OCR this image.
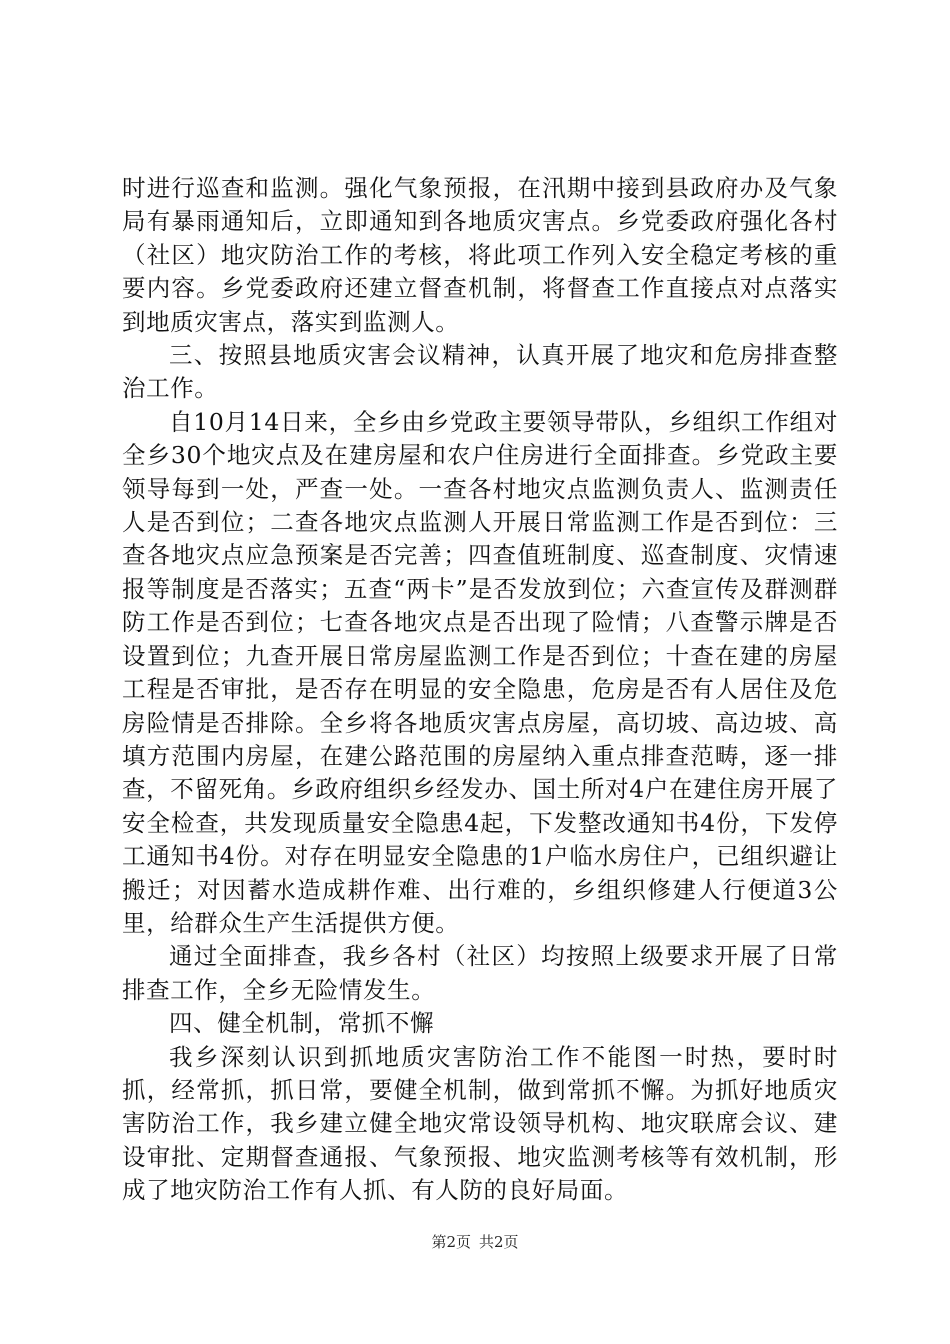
时进行巡查和监测。强化气象预报，在汛期中接到县政府办及气象局有暴雨通知后，立即通知到各地质灾害点。乡党委政府强化各村（社区）地灾防治工作的考核，将此项工作列入安全稳定考核的重要内容。乡党委政府还建立督查机制，将督查工作直接点对点落实到地质灾害点，落实到监测人。

三、按照县地质灾害会议精神，认真开展了地灾和危房排查整治工作。

自10月14日来，全乡由乡党政主要领导带队，乡组织工作组对全乡30个地灾点及在建房屋和农户住房进行全面排查。乡党政主要领导每到一处，严查一处。一查各村地灾点监测负责人、监测责任人是否到位；二查各地灾点监测人开展日常监测工作是否到位：三查各地灾点应急预案是否完善；四查值班制度、巡查制度、灾情速报等制度是否落实；五查“两卡”是否发放到位；六查宣传及群测群防工作是否到位；七查各地灾点是否出现了险情；八查警示牌是否设置到位；九查开展日常房屋监测工作是否到位；十查在建的房屋工程是否审批，是否存在明显的安全隐患，危房是否有人居住及危房险情是否排除。全乡将各地质灾害点房屋，高切坡、高边坡、高填方范围内房屋，在建公路范围的房屋纳入重点排查范畴，逐一排查，不留死角。乡政府组织乡经发办、国土所对4户在建住房开展了安全检查，共发现质量安全隐患4起，下发整改通知书4份，下发停工通知书4份。对存在明显安全隐患的1户临水房住户，已组织避让搬迁；对因蓄水造成耕作难、出行难的，乡组织修建人行便道3公里，给群众生产生活提供方便。

通过全面排查，我乡各村（社区）均按照上级要求开展了日常排查工作，全乡无险情发生。

四、健全机制，常抓不懈

我乡深刻认识到抓地质灾害防治工作不能图一时热，要时时抓，经常抓，抓日常，要健全机制，做到常抓不懈。为抓好地质灾害防治工作，我乡建立健全地灾常设领导机构、地灾联席会议、建设审批、定期督查通报、气象预报、地灾监测考核等有效机制，形成了地灾防治工作有人抓、有人防的良好局面。

第2页 共2页
